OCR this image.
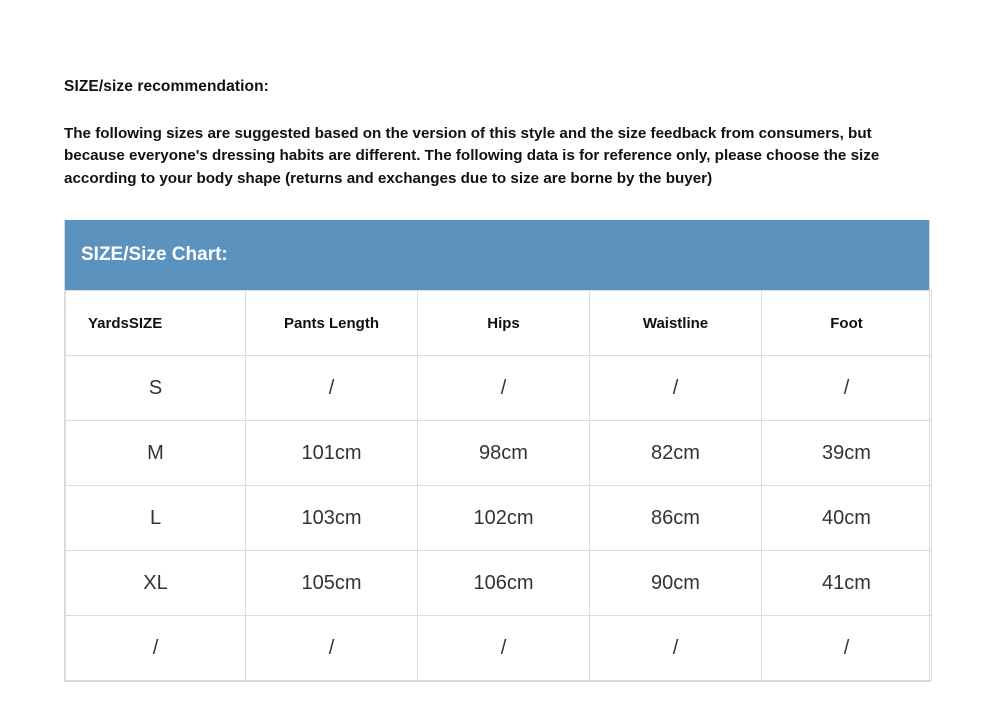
SIZE/size recommendation:

The following sizes are suggested based on the version of this style and the size feedback from consumers, but because everyone's dressing habits are different. The following data is for reference only, please choose the size according to your body shape (returns and exchanges due to size are borne by the buyer)

SIZE/Size Chart:
YardsSIZE	Pants Length	Hips	Waistline	Foot
S	/	/	/	/
M	101cm	98cm	82cm	39cm
L	103cm	102cm	86cm	40cm
XL	105cm	106cm	90cm	41cm
/	/	/	/	/
